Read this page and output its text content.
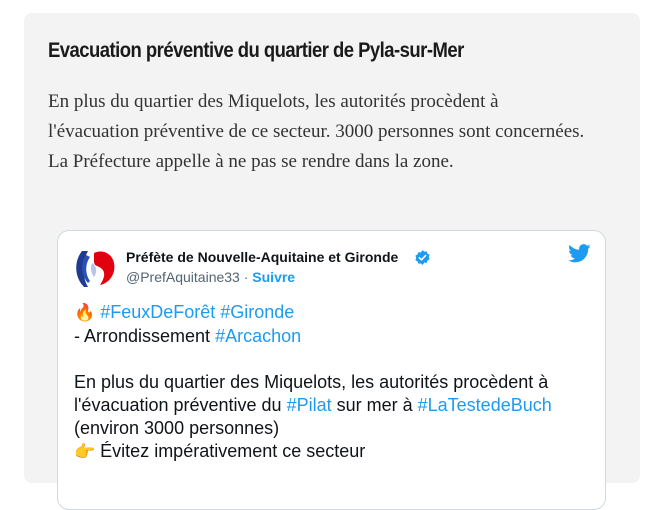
Evacuation préventive du quartier de Pyla-sur-Mer

En plus du quartier des Miquelots, les autorités procèdent à l'évacuation préventive de ce secteur. 3000 personnes sont concernées. La Préfecture appelle à ne pas se rendre dans la zone.

Préfète de Nouvelle-Aquitaine et Gironde
@PrefAquitaine33 · Suivre

🔥 #FeuxDeForêt #Gironde

- Arrondissement #Arcachon

En plus du quartier des Miquelots, les autorités procèdent à

l'évacuation préventive du #Pilat sur mer à #LaTestedeBuch

(environ 3000 personnes)

👉 Évitez impérativement ce secteur
